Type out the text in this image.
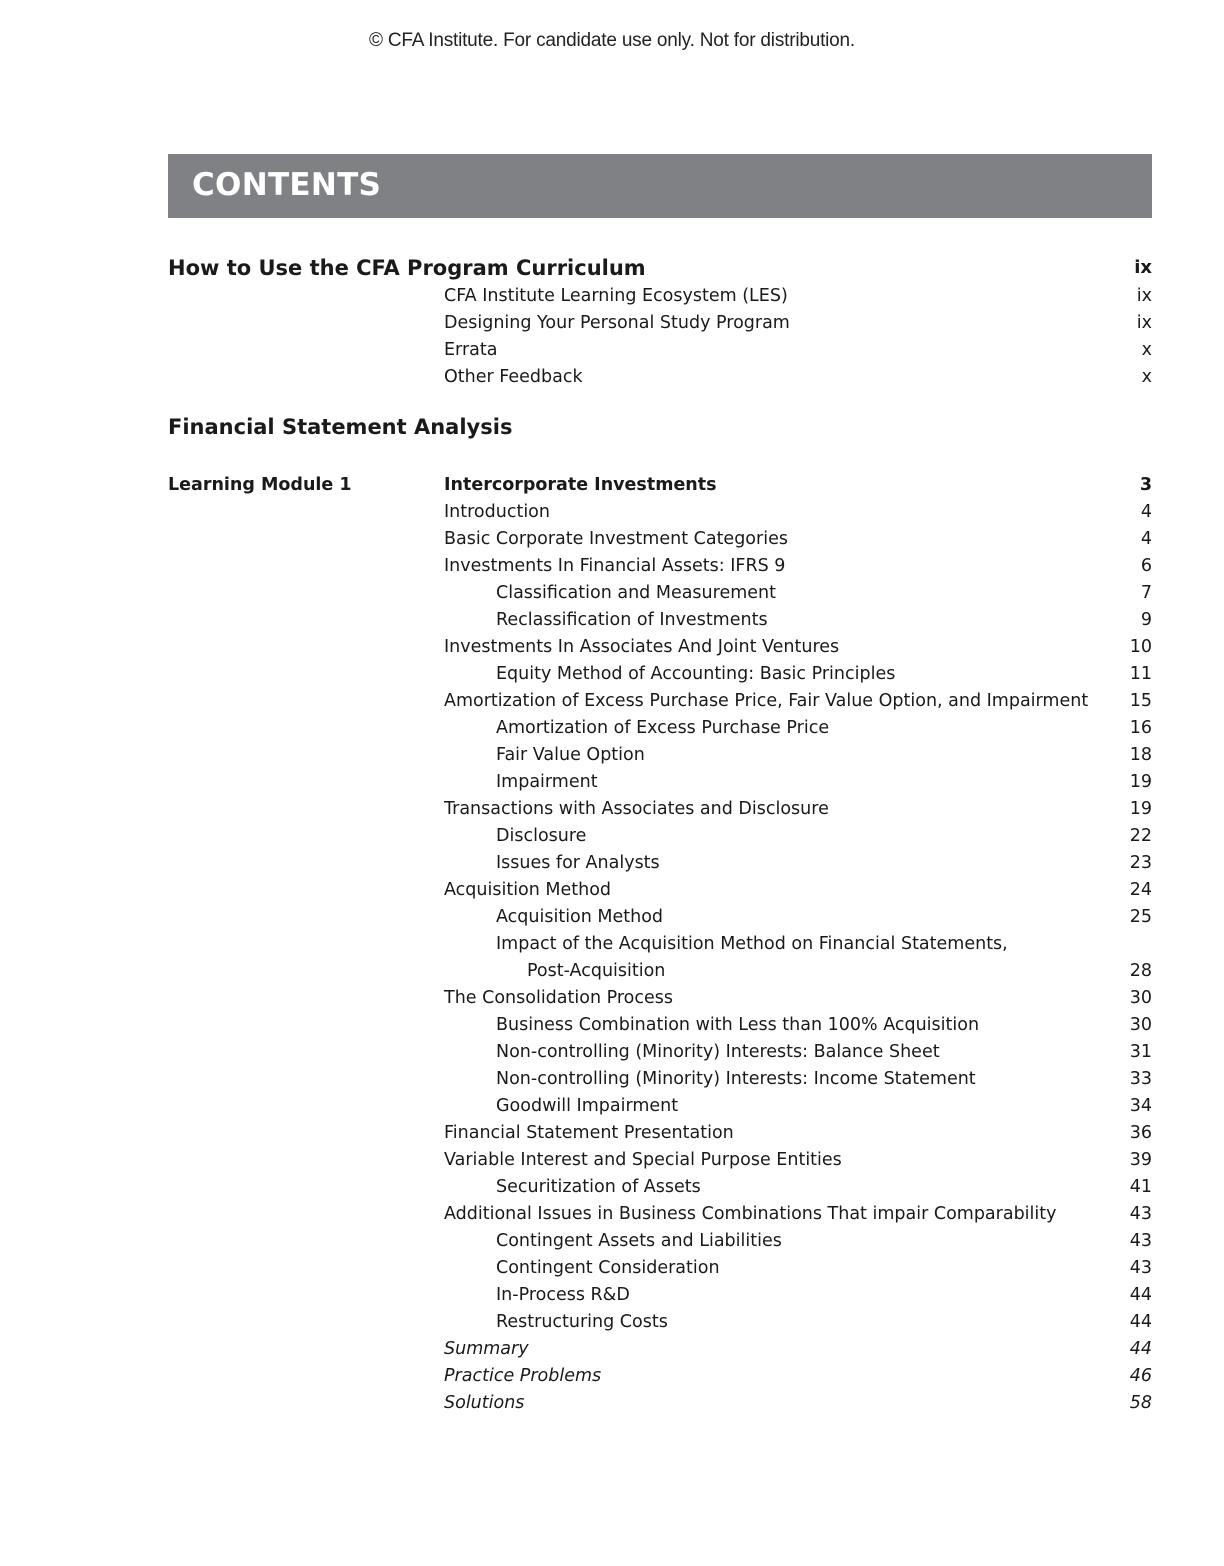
© CFA Institute. For candidate use only. Not for distribution.
CONTENTS
How to Use the CFA Program Curriculum	ix
CFA Institute Learning Ecosystem (LES)	ix
Designing Your Personal Study Program	ix
Errata	x
Other Feedback	x
Financial Statement Analysis
Learning Module 1	Intercorporate Investments	3
Introduction	4
Basic Corporate Investment Categories	4
Investments In Financial Assets: IFRS 9	6
Classification and Measurement	7
Reclassification of Investments	9
Investments In Associates And Joint Ventures	10
Equity Method of Accounting: Basic Principles	11
Amortization of Excess Purchase Price, Fair Value Option, and Impairment 15
Amortization of Excess Purchase Price	16
Fair Value Option	18
Impairment	19
Transactions with Associates and Disclosure	19
Disclosure	22
Issues for Analysts	23
Acquisition Method	24
Acquisition Method	25
Impact of the Acquisition Method on Financial Statements,
Post-Acquisition	28
The Consolidation Process	30
Business Combination with Less than 100% Acquisition	30
Non-controlling (Minority) Interests: Balance Sheet	31
Non-controlling (Minority) Interests: Income Statement	33
Goodwill Impairment	34
Financial Statement Presentation	36
Variable Interest and Special Purpose Entities	39
Securitization of Assets	41
Additional Issues in Business Combinations That impair Comparability	43
Contingent Assets and Liabilities	43
Contingent Consideration	43
In-Process R&D	44
Restructuring Costs	44
Summary	44
Practice Problems	46
Solutions	58
